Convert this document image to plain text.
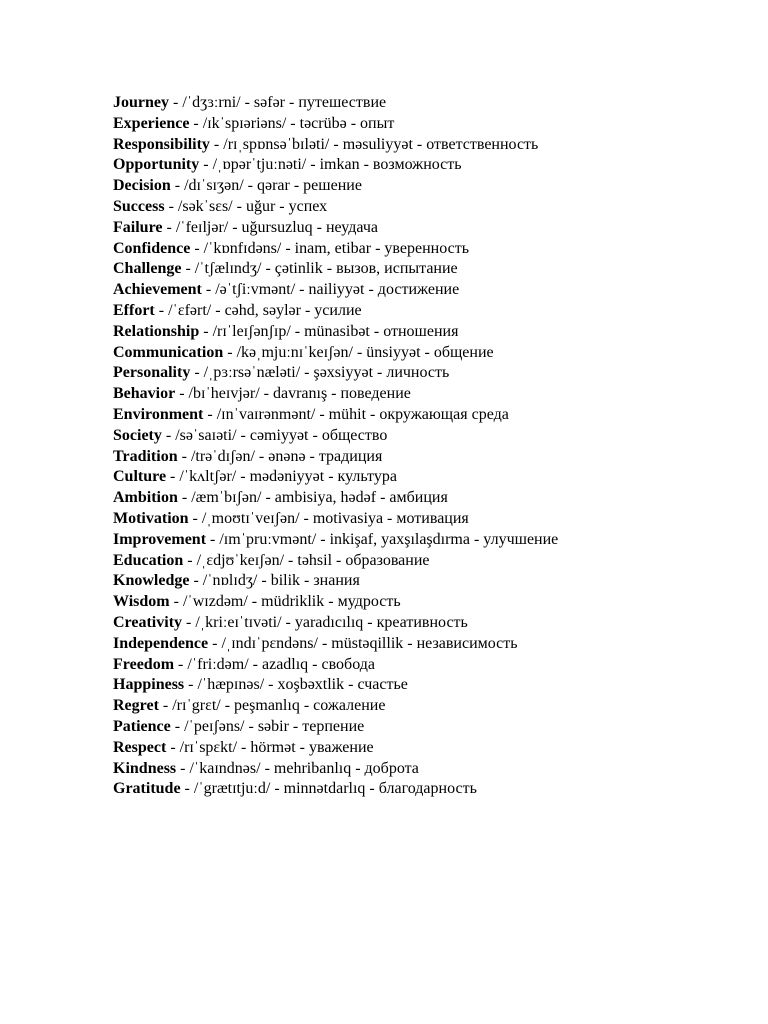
Journey - /ˈdʒɜːrni/ - səfər - путешествие
Experience - /ɪkˈspɪəriəns/ - təcrübə - опыт
Responsibility - /rɪˌspɒnsəˈbɪləti/ - məsuliyyət - ответственность
Opportunity - /ˌɒpərˈtjuːnəti/ - imkan - возможность
Decision - /dɪˈsɪʒən/ - qərar - решение
Success - /səkˈsɛs/ - uğur - успех
Failure - /ˈfeɪljər/ - uğursuzluq - неудача
Confidence - /ˈkɒnfɪdəns/ - inam, etibar - уверенность
Challenge - /ˈtʃælɪndʒ/ - çətinlik - вызов, испытание
Achievement - /əˈtʃiːvmənt/ - nailiyyət - достижение
Effort - /ˈɛfərt/ - cəhd, səylər - усилие
Relationship - /rɪˈleɪʃənʃɪp/ - münasibət - отношения
Communication - /kəˌmjuːnɪˈkeɪʃən/ - ünsiyyət - общение
Personality - /ˌpɜːrsəˈnæləti/ - şəxsiyyət - личность
Behavior - /bɪˈheɪvjər/ - davranış - поведение
Environment - /ɪnˈvaɪrənmənt/ - mühit - окружающая среда
Society - /səˈsaɪəti/ - cəmiyyət - общество
Tradition - /trəˈdɪʃən/ - ənənə - традиция
Culture - /ˈkʌltʃər/ - mədəniyyət - культура
Ambition - /æmˈbɪʃən/ - ambisiya, hədəf - амбиция
Motivation - /ˌmoʊtɪˈveɪʃən/ - motivasiya - мотивация
Improvement - /ɪmˈpruːvmənt/ - inkişaf, yaxşılaşdırma - улучшение
Education - /ˌɛdjʊˈkeɪʃən/ - təhsil - образование
Knowledge - /ˈnɒlɪdʒ/ - bilik - знания
Wisdom - /ˈwɪzdəm/ - müdriklik - мудрость
Creativity - /ˌkriːeɪˈtɪvəti/ - yaradıcılıq - креативность
Independence - /ˌɪndɪˈpɛndəns/ - müstəqillik - независимость
Freedom - /ˈfriːdəm/ - azadlıq - свобода
Happiness - /ˈhæpɪnəs/ - xoşbəxtlik - счастье
Regret - /rɪˈgrɛt/ - peşmanlıq - сожаление
Patience - /ˈpeɪʃəns/ - səbir - терпение
Respect - /rɪˈspɛkt/ - hörmət - уважение
Kindness - /ˈkaɪndnəs/ - mehribanlıq - доброта
Gratitude - /ˈgrætɪtjuːd/ - minnətdarlıq - благодарность
